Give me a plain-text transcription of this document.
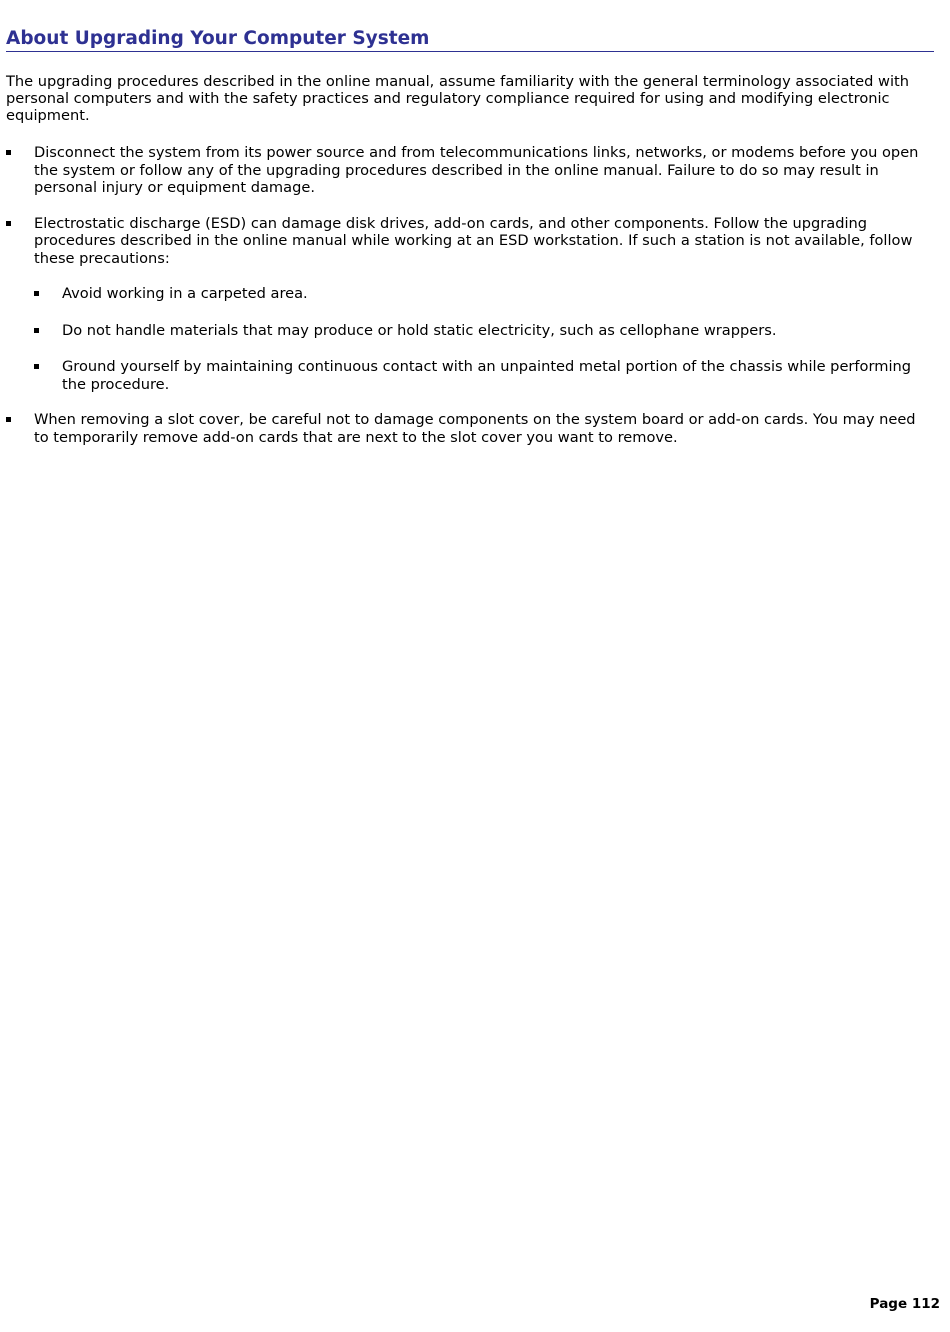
About Upgrading Your Computer System

The upgrading procedures described in the online manual, assume familiarity with the general terminology associated with personal computers and with the safety practices and regulatory compliance required for using and modifying electronic equipment.

Disconnect the system from its power source and from telecommunications links, networks, or modems before you open the system or follow any of the upgrading procedures described in the online manual. Failure to do so may result in personal injury or equipment damage.
Electrostatic discharge (ESD) can damage disk drives, add-on cards, and other components. Follow the upgrading procedures described in the online manual while working at an ESD workstation. If such a station is not available, follow these precautions:
Avoid working in a carpeted area.
Do not handle materials that may produce or hold static electricity, such as cellophane wrappers.
Ground yourself by maintaining continuous contact with an unpainted metal portion of the chassis while performing the procedure.
When removing a slot cover, be careful not to damage components on the system board or add-on cards. You may need to temporarily remove add-on cards that are next to the slot cover you want to remove.
Page 112
